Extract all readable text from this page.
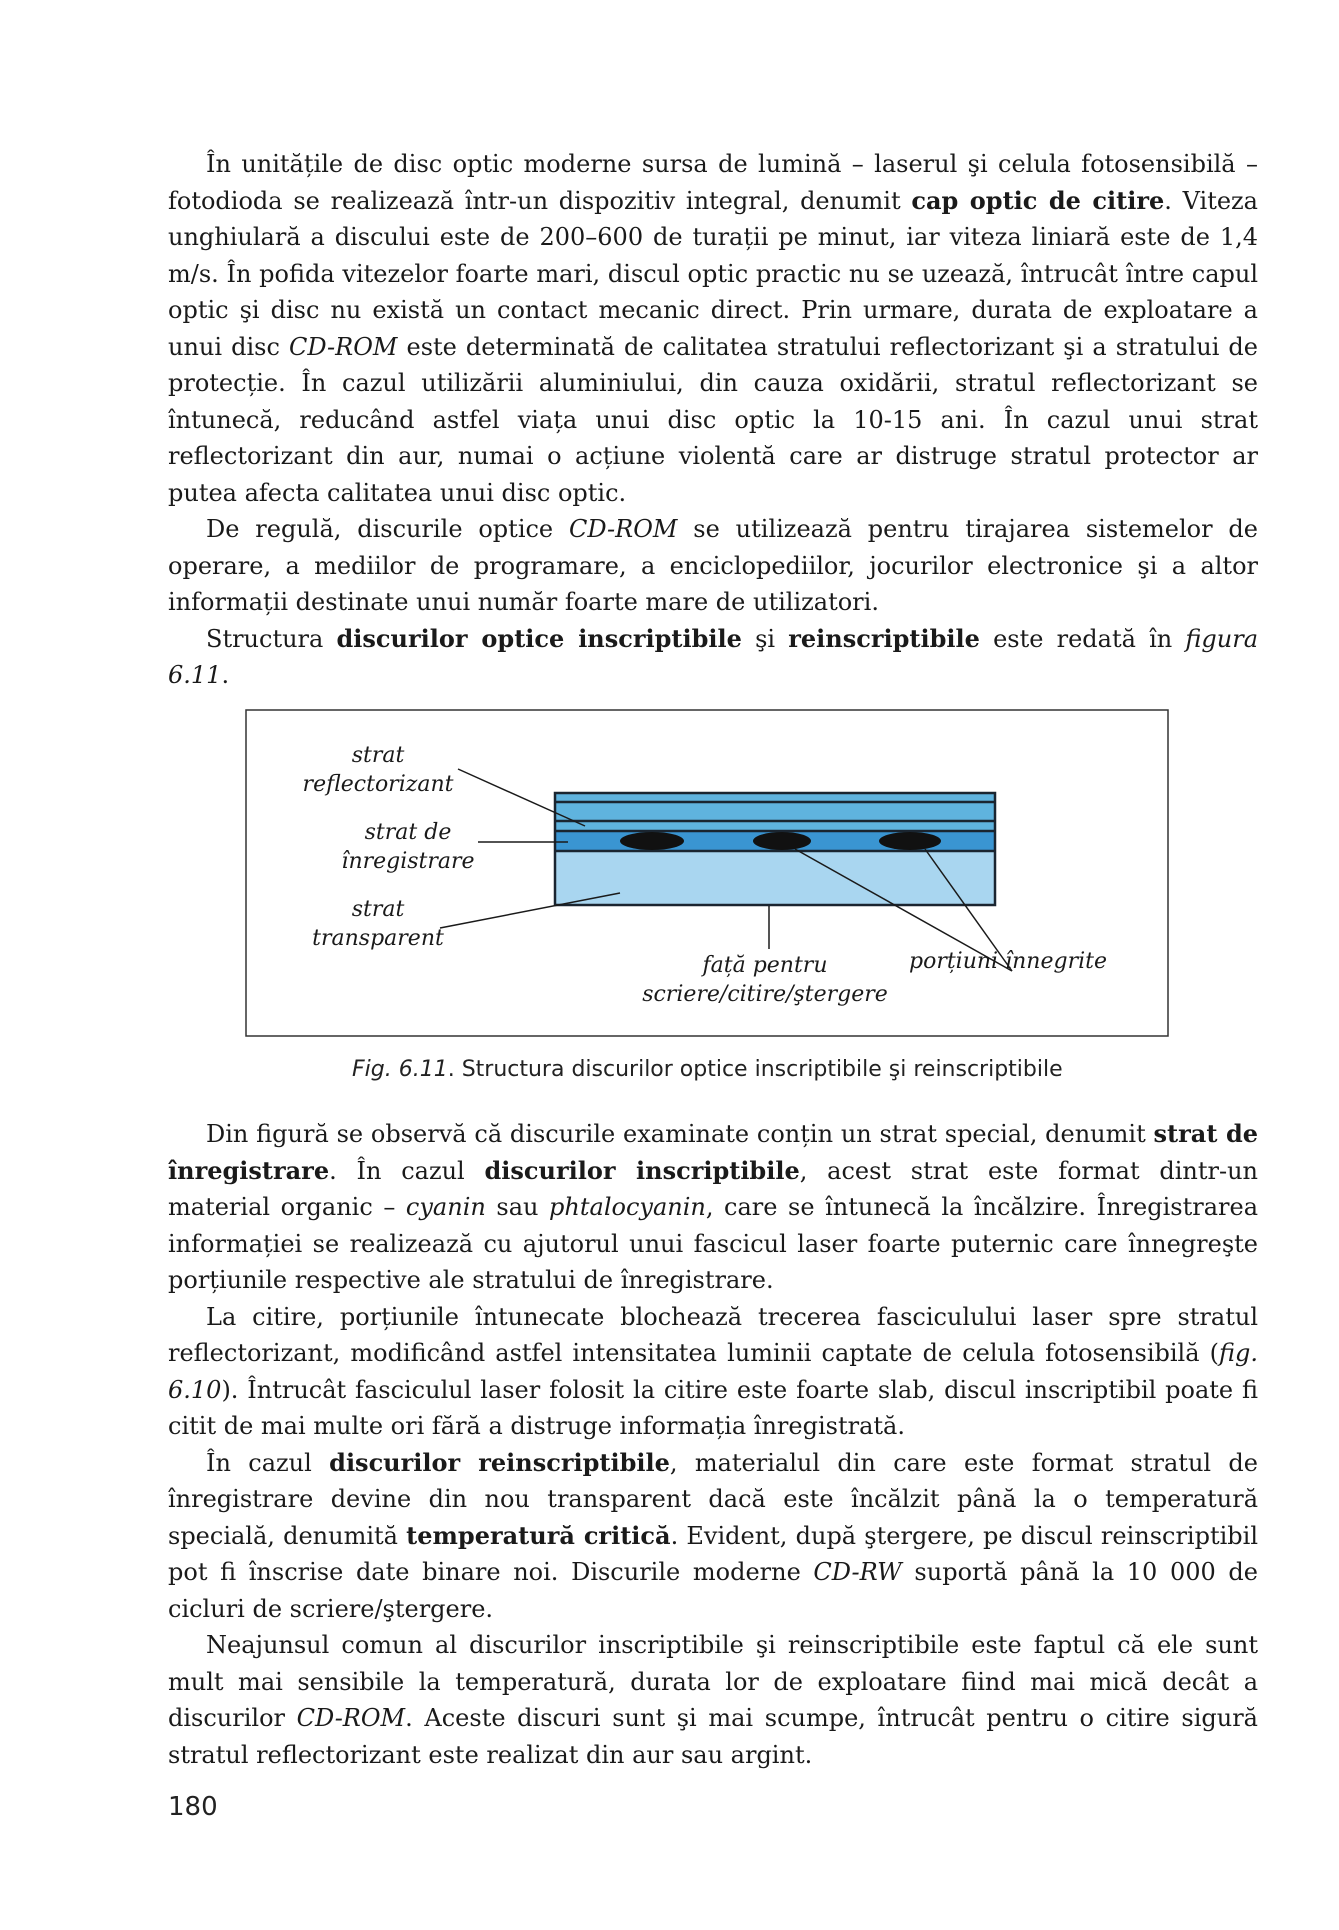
În unitățile de disc optic moderne sursa de lumină – laserul şi celula fotosensibilă – fotodioda se realizează într-un dispozitiv integral, denumit cap optic de citire. Viteza unghiulară a discului este de 200–600 de turații pe minut, iar viteza liniară este de 1,4 m/s. În pofida vitezelor foarte mari, discul optic practic nu se uzează, întrucât între capul optic şi disc nu există un contact mecanic direct. Prin urmare, durata de exploatare a unui disc CD-ROM este determinată de calitatea stratului reflectorizant şi a stratului de protecție. În cazul utilizării aluminiului, din cauza oxidării, stratul reflectorizant se întunecă, reducând astfel viața unui disc optic la 10-15 ani. În cazul unui strat reflectorizant din aur, numai o acțiune violentă care ar distruge stratul protector ar putea afecta calitatea unui disc optic.

De regulă, discurile optice CD-ROM se utilizează pentru tirajarea sistemelor de operare, a mediilor de programare, a enciclopediilor, jocurilor electronice şi a altor informații destinate unui număr foarte mare de utilizatori.

Structura discurilor optice inscriptibile şi reinscriptibile este redată în figura 6.11.

strat
reflectorizant
strat de
înregistrare
strat
transparent
față pentru
scriere/citire/ştergere
porțiuni înnegrite
Fig. 6.11. Structura discurilor optice inscriptibile şi reinscriptibile

Din figură se observă că discurile examinate conțin un strat special, denumit strat de înregistrare. În cazul discurilor inscriptibile, acest strat este format dintr-un material organic – cyanin sau phtalocyanin, care se întunecă la încălzire. Înregistrarea informației se realizează cu ajutorul unui fascicul laser foarte puternic care înnegreşte porțiunile respective ale stratului de înregistrare.

La citire, porțiunile întunecate blochează trecerea fasciculului laser spre stratul reflectorizant, modificând astfel intensitatea luminii captate de celula fotosensibilă (fig. 6.10). Întrucât fasciculul laser folosit la citire este foarte slab, discul inscriptibil poate fi citit de mai multe ori fără a distruge informația înregistrată.

În cazul discurilor reinscriptibile, materialul din care este format stratul de înregistrare devine din nou transparent dacă este încălzit până la o temperatură specială, denumită temperatură critică. Evident, după ştergere, pe discul reinscriptibil pot fi înscrise date binare noi. Discurile moderne CD-RW suportă până la 10 000 de cicluri de scriere/ştergere.

Neajunsul comun al discurilor inscriptibile şi reinscriptibile este faptul că ele sunt mult mai sensibile la temperatură, durata lor de exploatare fiind mai mică decât a discurilor CD-ROM. Aceste discuri sunt şi mai scumpe, întrucât pentru o citire sigură stratul reflectorizant este realizat din aur sau argint.

180
